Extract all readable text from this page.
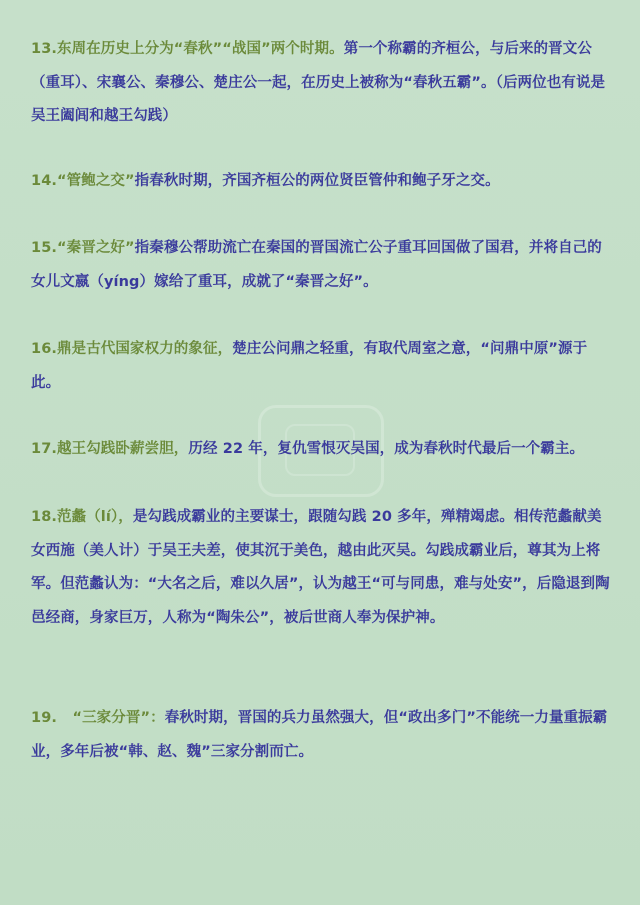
13.东周在历史上分为“春秋”“战国”两个时期。第一个称霸的齐桓公，与后来的晋文公（重耳）、宋襄公、秦穆公、楚庄公一起，在历史上被称为“春秋五霸”。（后两位也有说是吴王阖闾和越王勾践）

14.“管鲍之交”指春秋时期，齐国齐桓公的两位贤臣管仲和鲍子牙之交。

15.“秦晋之好”指秦穆公帮助流亡在秦国的晋国流亡公子重耳回国做了国君，并将自己的女儿文嬴（yíng）嫁给了重耳，成就了“秦晋之好”。

16.鼎是古代国家权力的象征，楚庄公问鼎之轻重，有取代周室之意，“问鼎中原”源于此。

17.越王勾践卧薪尝胆，历经 22 年，复仇雪恨灭吴国，成为春秋时代最后一个霸主。

18.范蠡（lí），是勾践成霸业的主要谋士，跟随勾践 20 多年，殚精竭虑。相传范蠡献美女西施（美人计）于吴王夫差，使其沉于美色，越由此灭吴。勾践成霸业后，尊其为上将军。但范蠡认为：“大名之后，难以久居”，认为越王“可与同患，难与处安”，后隐退到陶邑经商，身家巨万，人称为“陶朱公”，被后世商人奉为保护神。

19.   “三家分晋”：春秋时期，晋国的兵力虽然强大，但“政出多门”不能统一力量重振霸业，多年后被“韩、赵、魏”三家分割而亡。
